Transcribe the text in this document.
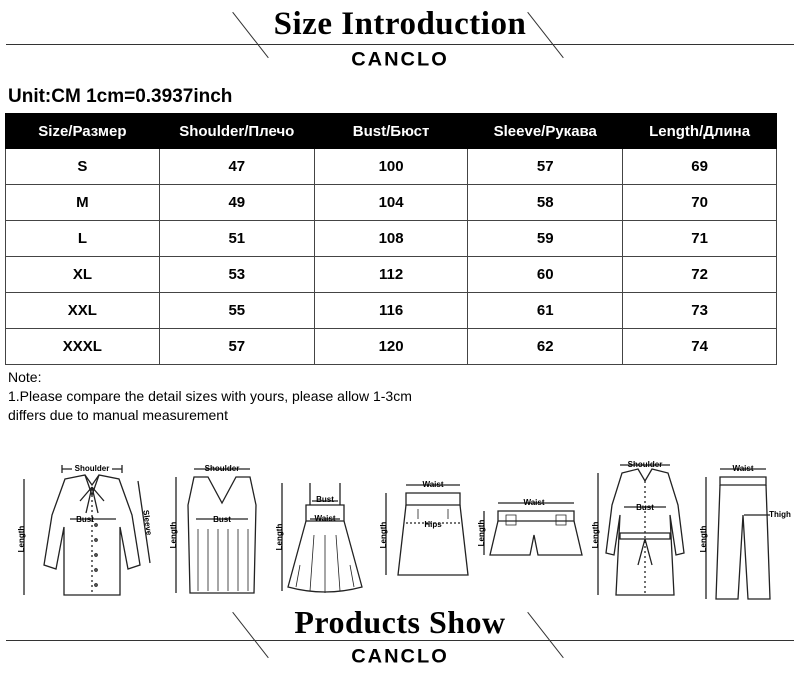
Size Introduction
CANCLO
Unit:CM 1cm=0.3937inch
Size/Размер	Shoulder/Плечо	Bust/Бюст	Sleeve/Рукава	Length/Длина
S	47	100	57	69
M	49	104	58	70
L	51	108	59	71
XL	53	112	60	72
XXL	55	116	61	73
XXXL	57	120	62	74
Note:
1.Please compare the detail sizes with yours, please allow 1-3cm
differs due to manual measurement
Shoulder
Bust
Length
Sleeve
Shoulder
Bust
Length
Bust
Waist
Length
Waist
Hips
Length
Waist
Length
Shoulder
Bust
Length
Waist
Thigh
Length
Products Show
CANCLO
